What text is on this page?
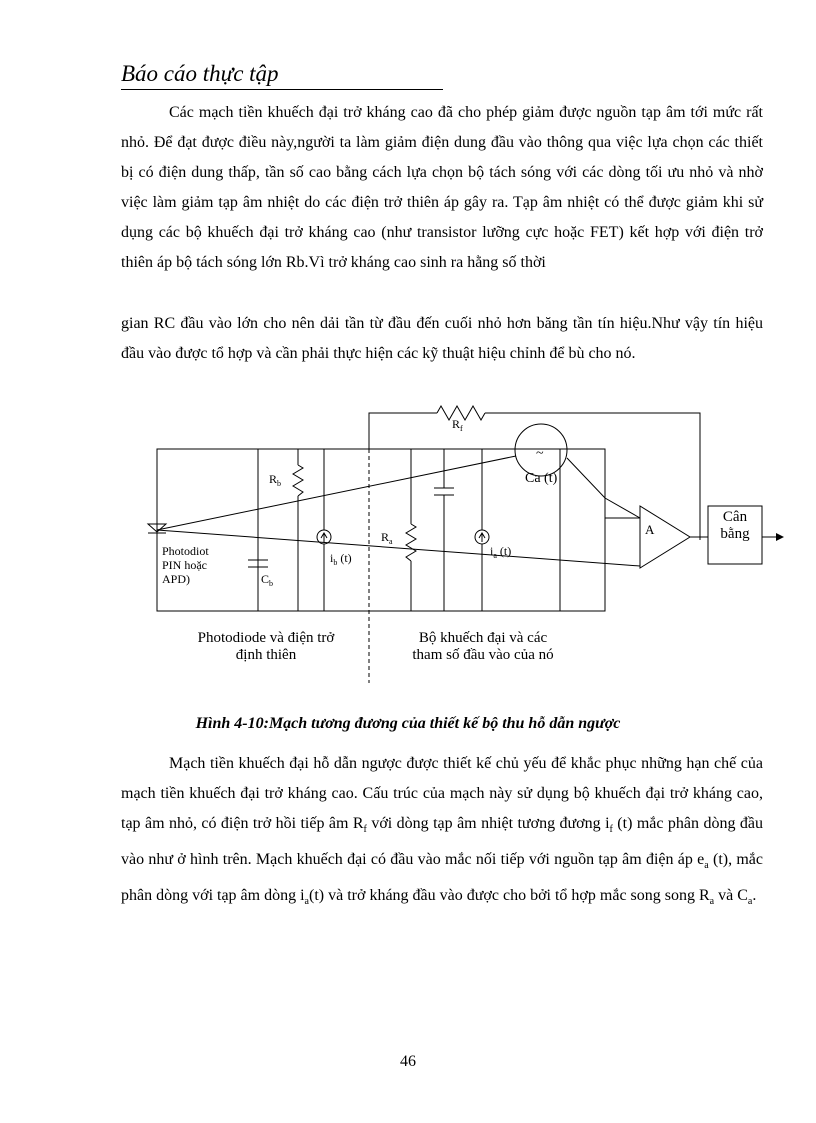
Báo cáo thực tập

Các mạch tiền khuếch đại trở kháng cao đã cho phép giảm được nguồn tạp âm tới mức rất nhỏ. Để đạt được điều này,người ta làm giảm điện dung đầu vào thông qua việc lựa chọn các thiết bị có điện dung thấp, tần số cao bằng cách lựa chọn bộ tách sóng với các dòng tối ưu nhỏ và nhờ việc làm giảm tạp âm nhiệt do các điện trở thiên áp gây ra. Tạp âm nhiệt có thể được giảm khi sử dụng các bộ khuếch đại trở kháng cao (như transistor lưỡng cực hoặc FET) kết hợp với điện trở thiên áp bộ tách sóng lớn Rb.Vì trở kháng cao sinh ra hằng số thời

gian RC đầu vào lớn cho nên dải tần từ đầu đến cuối nhỏ hơn băng tần tín hiệu.Như vậy tín hiệu đầu vào được tổ hợp và cần phải thực hiện các kỹ thuật hiệu chỉnh để bù cho nó.

$R_f$
$R_b$
$R_a$
~
Ca (t)
A
Cân
bằng
Photodiot
PIN hoặc
APD)	$C_b$
$i_b$ (t)	$i_a$ (t)
Photodiode và điện trở
định thiên
Bộ khuếch đại và các
tham số đầu vào của nó
Hình 4-10:Mạch tương đương của thiết kế bộ thu hỗ dẫn ngược

Mạch tiền khuếch đại hỗ dẫn ngược được thiết kế chủ yếu để khắc phục những hạn chế của mạch tiền khuếch đại trở kháng cao. Cấu trúc của mạch này sử dụng bộ khuếch đại trở kháng cao, tạp âm nhỏ, có điện trở hồi tiếp âm $R_f$ với dòng tạp âm nhiệt tương đương $i_f$ (t) mắc phân dòng đầu vào như ở hình trên. Mạch khuếch đại có đầu vào mắc nối tiếp với nguồn tạp âm điện áp $e_a$ (t), mắc phân dòng với tạp âm dòng $i_a(t)$ và trở kháng đầu vào được cho bởi tổ hợp mắc song song $R_a$ và $C_a$.

46
